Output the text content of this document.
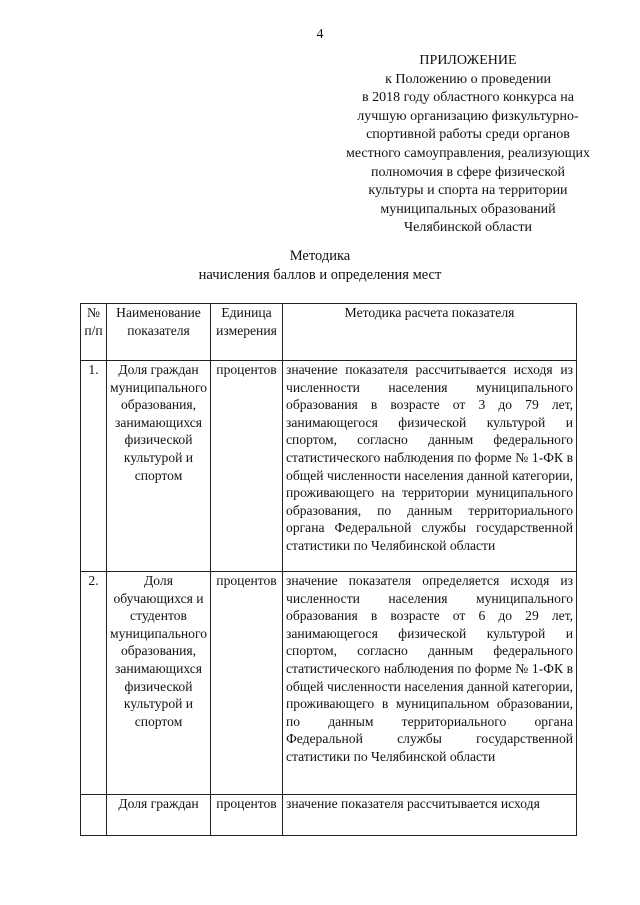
4
ПРИЛОЖЕНИЕ
к Положению о проведении
в 2018 году областного конкурса на
лучшую организацию физкультурно-
спортивной работы среди органов
местного самоуправления, реализующих
полномочия в сфере физической
культуры и спорта на территории
муниципальных образований
Челябинской области
Методика
начисления баллов и определения мест
№ п/п	Наименование показателя	Единица измерения	Методика расчета показателя
1.	Доля граждан муниципального образования, занимающихся физической культурой и спортом	процентов	значение показателя рассчитывается исходя из численности населения муниципального образования в возрасте от 3 до 79 лет, занимающегося физической культурой и спортом, согласно данным федерального статистического наблюдения по форме № 1-ФК в общей численности населения данной категории, проживающего на территории муниципального образования, по данным территориального органа Федеральной службы государственной статистики по Челябинской области
2.	Доля обучающихся и студентов муниципального образования, занимающихся физической культурой и спортом	процентов	значение показателя определяется исходя из численности населения муниципального образования в возрасте от 6 до 29 лет, занимающегося физической культурой и спортом, согласно данным федерального статистического наблюдения по форме № 1-ФК в общей численности населения данной категории, проживающего в муниципальном образовании, по данным территориального органа Федеральной службы государственной статистики по Челябинской области
	Доля граждан	процентов	значение показателя рассчитывается исходя
